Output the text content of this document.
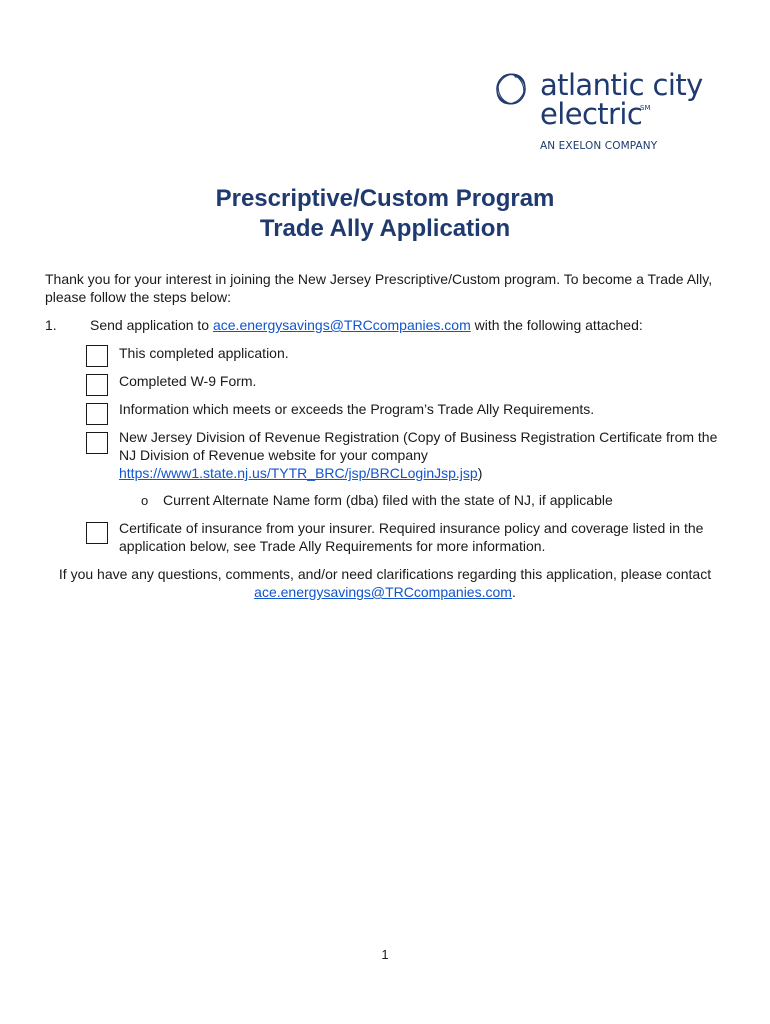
atlantic city
electric
SM
AN EXELON COMPANY
Prescriptive/Custom Program
Trade Ally Application
Thank you for your interest in joining the New Jersey Prescriptive/Custom program. To become a Trade Ally,
please follow the steps below:
1. Send application to ace.energysavings@TRCcompanies.com with the following attached:
This completed application.
Completed W-9 Form.
Information which meets or exceeds the Program’s Trade Ally Requirements.
New Jersey Division of Revenue Registration (Copy of Business Registration Certificate from the
NJ Division of Revenue website for your company
https://www1.state.nj.us/TYTR_BRC/jsp/BRCLoginJsp.jsp)
o Current Alternate Name form (dba) filed with the state of NJ, if applicable
Certificate of insurance from your insurer. Required insurance policy and coverage listed in the
application below, see Trade Ally Requirements for more information.
If you have any questions, comments, and/or need clarifications regarding this application, please contact
ace.energysavings@TRCcompanies.com.
1
